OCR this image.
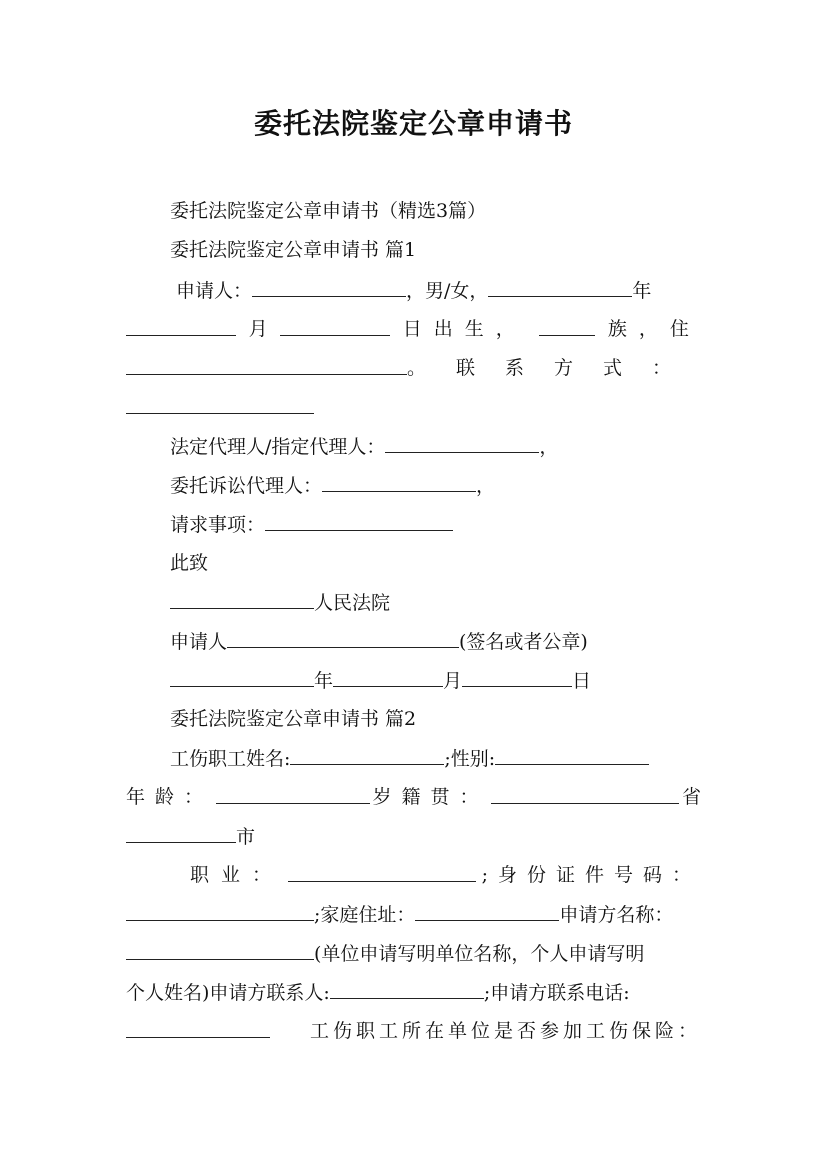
委托法院鉴定公章申请书
委托法院鉴定公章申请书（精选3篇）
委托法院鉴定公章申请书 篇1
申请人：	，男/女，	年
月	日出生，	族，住
。联系方式：
法定代理人/指定代理人：	，
委托诉讼代理人：	，
请求事项：
此致
人民法院
申请人	(签名或者公章)
年	月	日
委托法院鉴定公章申请书 篇2
工伤职工姓名:	;性别:
年龄：	岁籍贯：	省
市
职业：	;身份证件号码：
;家庭住址：	申请方名称：
(单位申请写明单位名称，个人申请写明
个人姓名)申请方联系人:	;申请方联系电话:
工伤职工所在单位是否参加工伤保险：
